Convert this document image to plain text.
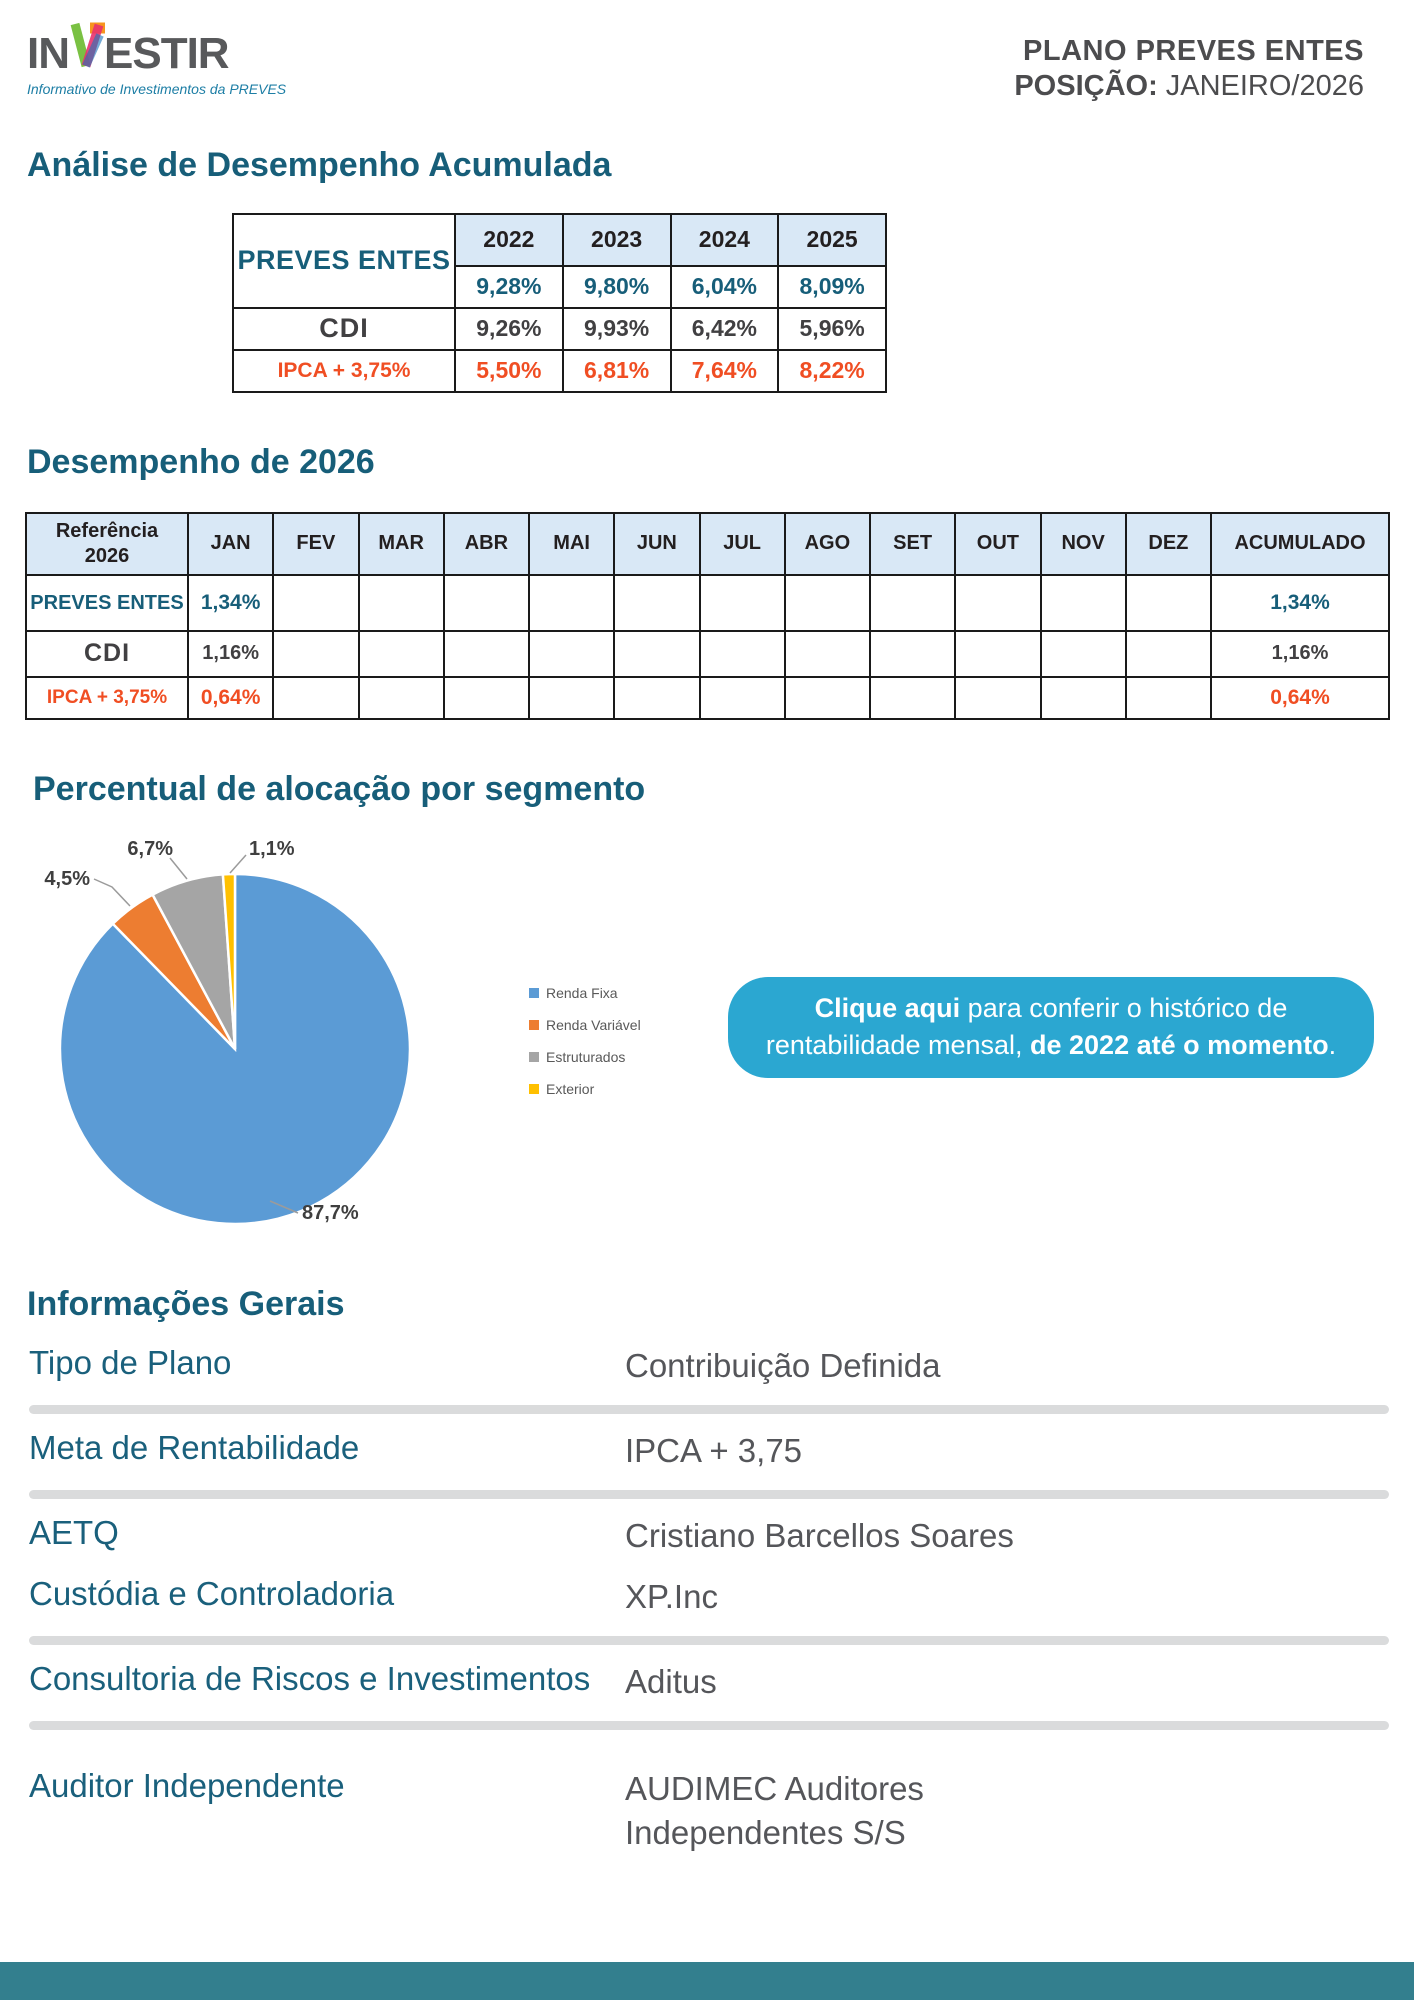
IN ESTIR
Informativo de Investimentos da PREVES
PLANO PREVES ENTES
POSIÇÃO: JANEIRO/2026
Análise de Desempenho Acumulada
PREVES ENTES	2022	2023	2024	2025
	9,28%	9,80%	6,04%	8,09%
CDI	9,26%	9,93%	6,42%	5,96%
IPCA + 3,75%	5,50%	6,81%	7,64%	8,22%
Desempenho de 2026
Referência
2026	JAN	FEV	MAR	ABR	MAI	JUN	JUL	AGO	SET	OUT	NOV	DEZ	ACUMULADO
PREVES ENTES	1,34%												1,34%
CDI	1,16%												1,16%
IPCA + 3,75%	0,64%												0,64%
Percentual de alocação por segmento
4,5%
6,7%	1,1%
87,7%
Renda Fixa
Renda Variável
Estruturados
Exterior
Clique aqui para conferir o histórico de rentabilidade mensal, de 2022 até o momento.
Informações Gerais
Tipo de Plano	Contribuição Definida
Meta de Rentabilidade	IPCA + 3,75
AETQ	Cristiano Barcellos Soares
Custódia e Controladoria	XP.Inc
Consultoria de Riscos e Investimentos	Aditus
Auditor Independente	AUDIMEC Auditores Independentes S/S
